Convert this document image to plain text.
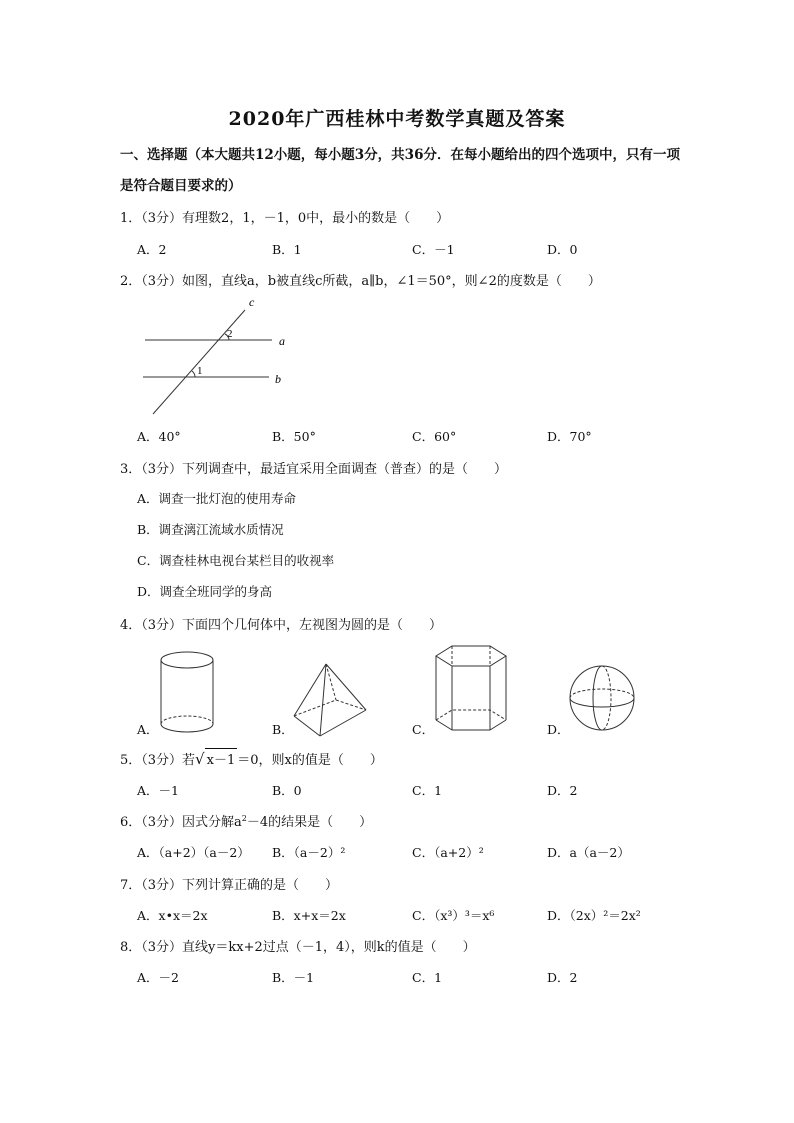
2020年广西桂林中考数学真题及答案
一、选择题（本大题共12小题，每小题3分，共36分．在每小题给出的四个选项中，只有一项是符合题目要求的）
1．（3分）有理数2，1，－1，0中，最小的数是（　　）
A．2	B．1	C．－1	D．0
2．（3分）如图，直线a，b被直线c所截，a∥b，∠1＝50°，则∠2的度数是（　　）
1
2
c
a
b
A．40°	B．50°	C．60°	D．70°
3．（3分）下列调查中，最适宜采用全面调查（普查）的是（　　）
A．调查一批灯泡的使用寿命
B．调查漓江流域水质情况
C．调查桂林电视台某栏目的收视率
D．调查全班同学的身高
4．（3分）下面四个几何体中，左视图为圆的是（　　）
A．	B．	C．	D．
5．（3分）若√ x－1 ＝0，则x的值是（　　）
A．－1	B．0	C．1	D．2
6．（3分）因式分解$a^2-4$的结果是（　　）
A．（a+2）（a－2） B．（a－2）²	C．（a+2）²	D．a（a－2）
7．（3分）下列计算正确的是（　　）
A．x•x＝2x	B．x+x＝2x	C．（x³）³＝x⁶	D．（2x）²＝2x²
8．（3分）直线y＝kx+2过点（－1，4），则k的值是（　　）
A．－2	B．－1	C．1	D．2
